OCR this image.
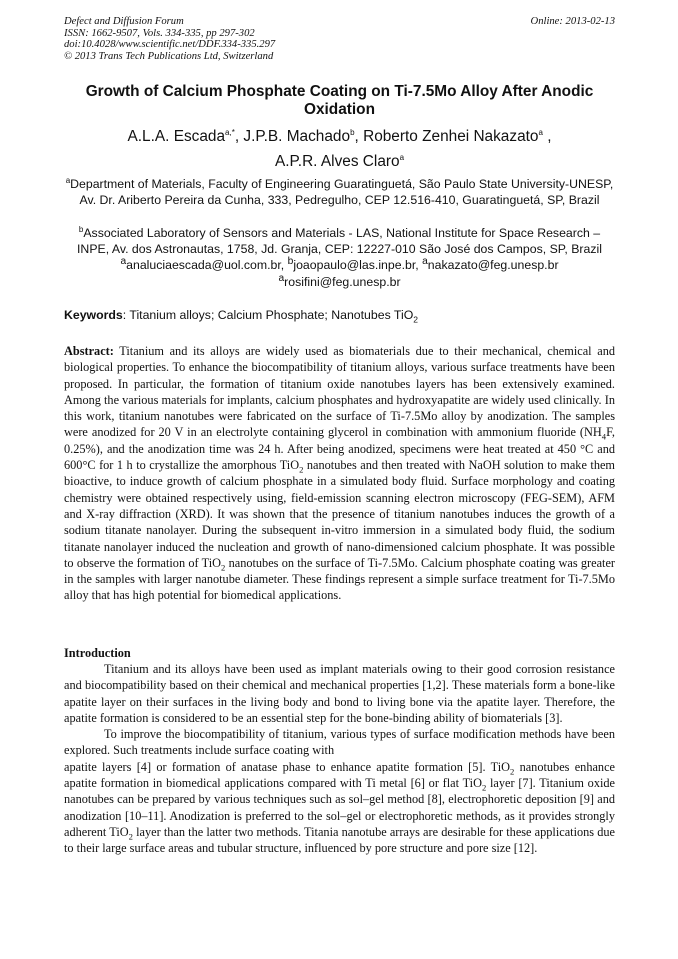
Defect and Diffusion Forum
ISSN: 1662-9507, Vols. 334-335, pp 297-302
doi:10.4028/www.scientific.net/DDF.334-335.297
© 2013 Trans Tech Publications Ltd, Switzerland
Online: 2013-02-13
Growth of Calcium Phosphate Coating on Ti-7.5Mo Alloy After Anodic Oxidation
A.L.A. Escada$^{a,*}$, J.P.B. Machado$^b$, Roberto Zenhei Nakazato$^a$ ,
A.P.R. Alves Claro$^a$
$^a$Department of Materials, Faculty of Engineering Guaratinguetá, São Paulo State University-UNESP, Av. Dr. Ariberto Pereira da Cunha, 333, Pedregulho, CEP 12.516-410, Guaratinguetá, SP, Brazil
$^b$Associated Laboratory of Sensors and Materials - LAS, National Institute for Space Research – INPE, Av. dos Astronautas, 1758, Jd. Granja, CEP: 12227-010 São José dos Campos, SP, Brazil
$^a$analuciaescada@uol.com.br, $^b$joaopaulo@las.inpe.br, $^a$nakazato@feg.unesp.br
$^a$rosifini@feg.unesp.br
Keywords: Titanium alloys; Calcium Phosphate; Nanotubes TiO$_2$
Abstract: Titanium and its alloys are widely used as biomaterials due to their mechanical, chemical and biological properties. To enhance the biocompatibility of titanium alloys, various surface treatments have been proposed. In particular, the formation of titanium oxide nanotubes layers has been extensively examined. Among the various materials for implants, calcium phosphates and hydroxyapatite are widely used clinically. In this work, titanium nanotubes were fabricated on the surface of Ti-7.5Mo alloy by anodization. The samples were anodized for 20 V in an electrolyte containing glycerol in combination with ammonium fluoride ($NH_4F$, 0.25%), and the anodization time was 24 h. After being anodized, specimens were heat treated at 450 °C and 600°C for 1 h to crystallize the amorphous TiO$_2$ nanotubes and then treated with NaOH solution to make them bioactive, to induce growth of calcium phosphate in a simulated body fluid. Surface morphology and coating chemistry were obtained respectively using, field-emission scanning electron microscopy (FEG-SEM), AFM and X-ray diffraction (XRD). It was shown that the presence of titanium nanotubes induces the growth of a sodium titanate nanolayer. During the subsequent in-vitro immersion in a simulated body fluid, the sodium titanate nanolayer induced the nucleation and growth of nano-dimensioned calcium phosphate. It was possible to observe the formation of TiO$_2$ nanotubes on the surface of Ti-7.5Mo. Calcium phosphate coating was greater in the samples with larger nanotube diameter. These findings represent a simple surface treatment for Ti-7.5Mo alloy that has high potential for biomedical applications.
Introduction

Titanium and its alloys have been used as implant materials owing to their good corrosion resistance and biocompatibility based on their chemical and mechanical properties [1,2]. These materials form a bone-like apatite layer on their surfaces in the living body and bond to living bone via the apatite layer. Therefore, the apatite formation is considered to be an essential step for the bone-binding ability of biomaterials [3].

To improve the biocompatibility of titanium, various types of surface modification methods have been explored. Such treatments include surface coating with

apatite layers [4] or formation of anatase phase to enhance apatite formation [5]. TiO$_2$ nanotubes enhance apatite formation in biomedical applications compared with Ti metal [6] or flat TiO$_2$ layer [7]. Titanium oxide nanotubes can be prepared by various techniques such as sol–gel method [8], electrophoretic deposition [9] and anodization [10–11]. Anodization is preferred to the sol–gel or electrophoretic methods, as it provides strongly adherent TiO$_2$ layer than the latter two methods. Titania nanotube arrays are desirable for these applications due to their large surface areas and tubular structure, influenced by pore structure and pore size [12].
